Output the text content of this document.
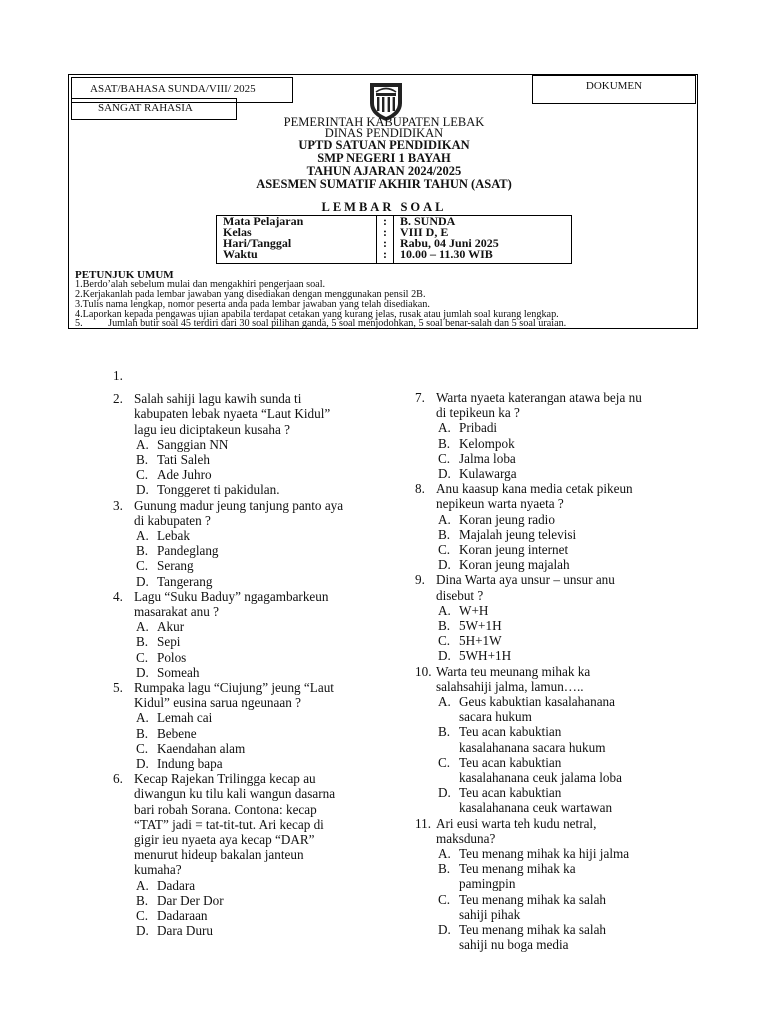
ASAT/BAHASA SUNDA/VIII/ 2025
SANGAT RAHASIA
DOKUMEN
PEMERINTAH KABUPATEN LEBAK
DINAS PENDIDIKAN
UPTD SATUAN PENDIDIKAN
SMP NEGERI 1 BAYAH
TAHUN AJARAN 2024/2025
ASESMEN SUMATIF AKHIR TAHUN (ASAT)
LEMBAR SOAL
Mata Pelajaran	: B. SUNDA
Kelas	: VIII D, E
Hari/Tanggal	: Rabu, 04 Juni 2025
Waktu	: 10.00 – 11.30 WIB
PETUNJUK UMUM
1.Berdo’alah sebelum mulai dan mengakhiri pengerjaan soal.
2.Kerjakanlah pada lembar jawaban yang disediakan dengan menggunakan pensil 2B.
3.Tulis nama lengkap, nomor peserta anda pada lembar jawaban yang telah disediakan.
4.Laporkan kepada pengawas ujian apabila terdapat cetakan yang kurang jelas, rusak atau jumlah soal kurang lengkap.
5.          Jumlah butir soal 45 terdiri dari 30 soal pilihan ganda, 5 soal menjodohkan, 5 soal benar-salah dan 5 soal uraian.
1.
2. Salah sahiji lagu kawih sunda ti
kabupaten lebak nyaeta “Laut Kidul”
lagu ieu diciptakeun kusaha ?
A. Sanggian NN
B. Tati Saleh
C. Ade Juhro
D. Tonggeret ti pakidulan.
3. Gunung madur jeung tanjung panto aya
di kabupaten ?
A. Lebak
B. Pandeglang
C. Serang
D. Tangerang
4. Lagu “Suku Baduy” ngagambarkeun
masarakat anu ?
A. Akur
B. Sepi
C. Polos
D. Someah
5. Rumpaka lagu “Ciujung” jeung “Laut
Kidul” eusina sarua ngeunaan ?
A. Lemah cai
B. Bebene
C. Kaendahan alam
D. Indung bapa
6. Kecap Rajekan Trilingga kecap au
diwangun ku tilu kali wangun dasarna
bari robah Sorana. Contona: kecap
“TAT” jadi = tat-tit-tut. Ari kecap di
gigir ieu nyaeta aya kecap “DAR”
menurut hideup bakalan janteun
kumaha?
A. Dadara
B. Dar Der Dor
C. Dadaraan
D. Dara Duru
7. Warta nyaeta katerangan atawa beja nu
di tepikeun ka ?
A. Pribadi
B. Kelompok
C. Jalma loba
D. Kulawarga
8. Anu kaasup kana media cetak pikeun
nepikeun warta nyaeta ?
A. Koran jeung radio
B. Majalah jeung televisi
C. Koran jeung internet
D. Koran jeung majalah
9. Dina Warta aya unsur – unsur anu
disebut ?
A. W+H
B. 5W+1H
C. 5H+1W
D. 5WH+1H
10. Warta teu meunang mihak ka
salahsahiji jalma, lamun…..
A. Geus kabuktian kasalahanana
sacara hukum
B. Teu acan kabuktian
kasalahanana sacara hukum
C. Teu acan kabuktian
kasalahanana ceuk jalama loba
D. Teu acan kabuktian
kasalahanana ceuk wartawan
11. Ari eusi warta teh kudu netral,
maksduna?
A. Teu menang mihak ka hiji jalma
B. Teu menang mihak ka
pamingpin
C. Teu menang mihak ka salah
sahiji pihak
D. Teu menang mihak ka salah
sahiji nu boga media
